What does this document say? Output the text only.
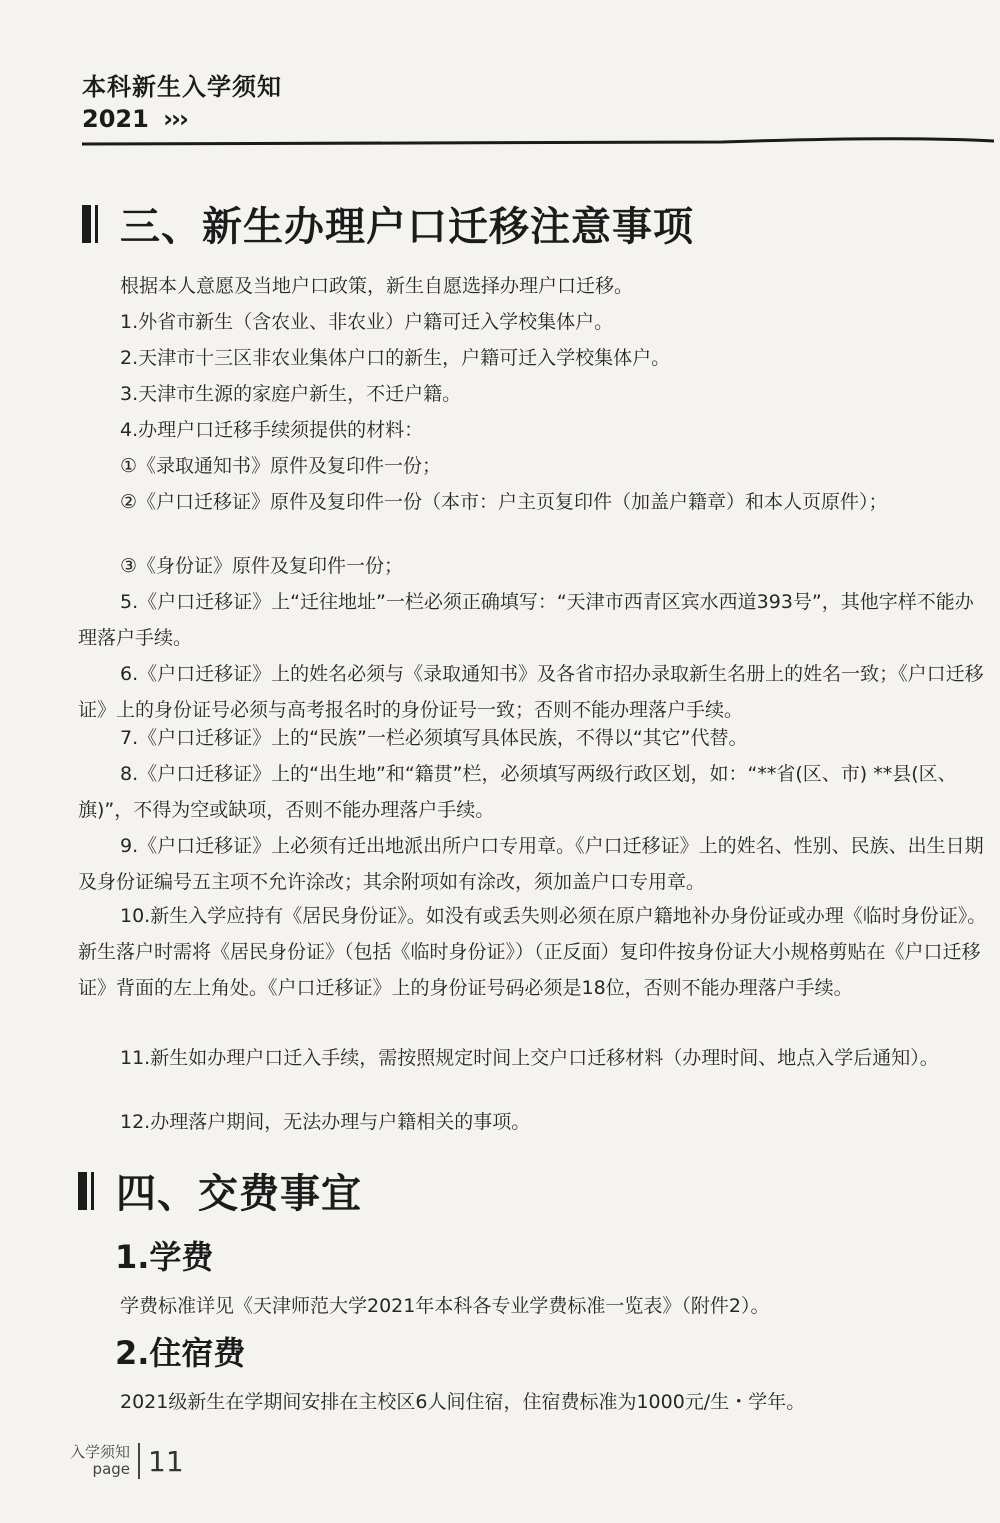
本科新生入学须知
2021 ›››
三、新生办理户口迁移注意事项
根据本人意愿及当地户口政策，新生自愿选择办理户口迁移。
1.外省市新生（含农业、非农业）户籍可迁入学校集体户。
2.天津市十三区非农业集体户口的新生，户籍可迁入学校集体户。
3.天津市生源的家庭户新生，不迁户籍。
4.办理户口迁移手续须提供的材料：
①《录取通知书》原件及复印件一份；
②《户口迁移证》原件及复印件一份（本市：户主页复印件（加盖户籍章）和本人页原件）；
③《身份证》原件及复印件一份；
5.《户口迁移证》上“迁往地址”一栏必须正确填写：“天津市西青区宾水西道393号”，其他字样不能办理落户手续。
6.《户口迁移证》上的姓名必须与《录取通知书》及各省市招办录取新生名册上的姓名一致；《户口迁移证》上的身份证号必须与高考报名时的身份证号一致；否则不能办理落户手续。
7.《户口迁移证》上的“民族”一栏必须填写具体民族，不得以“其它”代替。
8.《户口迁移证》上的“出生地”和“籍贯”栏，必须填写两级行政区划，如：“**省(区、市) **县(区、旗)”，不得为空或缺项，否则不能办理落户手续。
9.《户口迁移证》上必须有迁出地派出所户口专用章。《户口迁移证》上的姓名、性别、民族、出生日期及身份证编号五主项不允许涂改；其余附项如有涂改，须加盖户口专用章。
10.新生入学应持有《居民身份证》。如没有或丢失则必须在原户籍地补办身份证或办理《临时身份证》。新生落户时需将《居民身份证》（包括《临时身份证》）（正反面）复印件按身份证大小规格剪贴在《户口迁移证》背面的左上角处。《户口迁移证》上的身份证号码必须是18位，否则不能办理落户手续。
11.新生如办理户口迁入手续，需按照规定时间上交户口迁移材料（办理时间、地点入学后通知）。
12.办理落户期间，无法办理与户籍相关的事项。
四、交费事宜
1.学费
学费标准详见《天津师范大学2021年本科各专业学费标准一览表》（附件2）。
2.住宿费
2021级新生在学期间安排在主校区6人间住宿，住宿费标准为1000元/生・学年。
入学须知
page 11
